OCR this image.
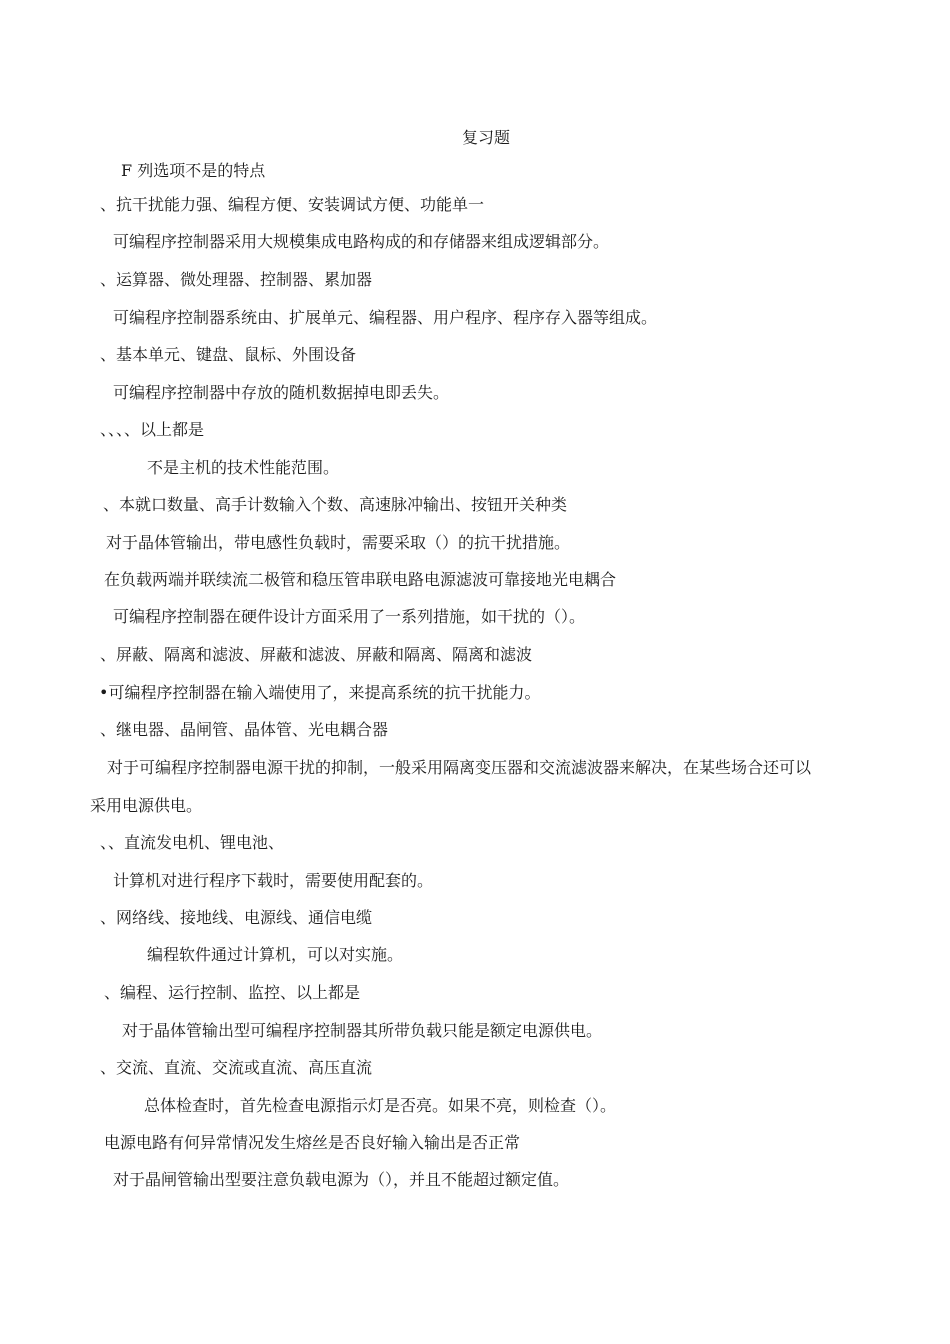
复习题
F 列选项不是的特点
、抗干扰能力强、编程方便、安装调试方便、功能单一
可编程序控制器采用大规模集成电路构成的和存储器来组成逻辑部分。
、运算器、微处理器、控制器、累加器
可编程序控制器系统由、扩展单元、编程器、用户程序、程序存入器等组成。
、基本单元、键盘、鼠标、外围设备
可编程序控制器中存放的随机数据掉电即丢失。
、、、、以上都是
不是主机的技术性能范围。
、本就口数量、高手计数输入个数、高速脉冲输出、按钮开关种类
对于晶体管输出，带电感性负载时，需要采取（）的抗干扰措施。
在负载两端并联续流二极管和稳压管串联电路电源滤波可靠接地光电耦合
可编程序控制器在硬件设计方面采用了一系列措施，如干扰的（）。
、屏蔽、隔离和滤波、屏蔽和滤波、屏蔽和隔离、隔离和滤波
•可编程序控制器在输入端使用了，来提高系统的抗干扰能力。
、继电器、晶闸管、晶体管、光电耦合器
对于可编程序控制器电源干扰的抑制，一般采用隔离变压器和交流滤波器来解决，在某些场合还可以
采用电源供电。
、、直流发电机、锂电池、
计算机对进行程序下载时，需要使用配套的。
、网络线、接地线、电源线、通信电缆
编程软件通过计算机，可以对实施。
、编程、运行控制、监控、以上都是
对于晶体管输出型可编程序控制器其所带负载只能是额定电源供电。
、交流、直流、交流或直流、高压直流
总体检查时，首先检查电源指示灯是否亮。如果不亮，则检查（）。
电源电路有何异常情况发生熔丝是否良好输入输出是否正常
对于晶闸管输出型要注意负载电源为（），并且不能超过额定值。
